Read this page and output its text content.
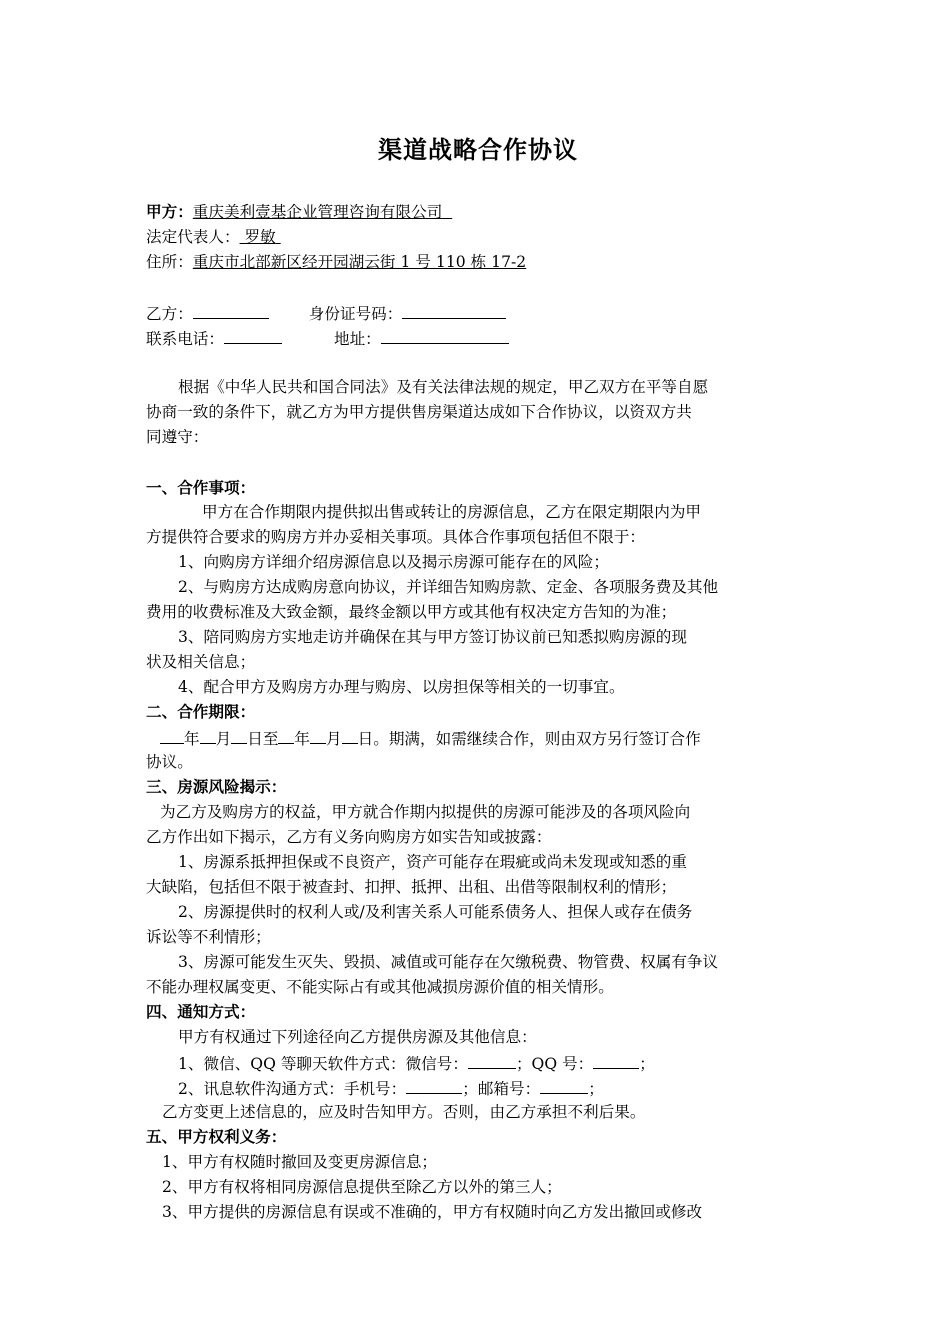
渠道战略合作协议
甲方：重庆美利壹基企业管理咨询有限公司
法定代表人： 罗敏
住所：重庆市北部新区经开园湖云街 1 号 110 栋 17-2
乙方：	身份证号码：
联系电话：	地址：
根据《中华人民共和国合同法》及有关法律法规的规定，甲乙双方在平等自愿
协商一致的条件下，就乙方为甲方提供售房渠道达成如下合作协议，以资双方共
同遵守：
一、合作事项：
甲方在合作期限内提供拟出售或转让的房源信息，乙方在限定期限内为甲
方提供符合要求的购房方并办妥相关事项。具体合作事项包括但不限于：
1、向购房方详细介绍房源信息以及揭示房源可能存在的风险；
2、与购房方达成购房意向协议，并详细告知购房款、定金、各项服务费及其他
费用的收费标准及大致金额，最终金额以甲方或其他有权决定方告知的为准；
3、陪同购房方实地走访并确保在其与甲方签订协议前已知悉拟购房源的现
状及相关信息；
4、配合甲方及购房方办理与购房、以房担保等相关的一切事宜。
二、合作期限：
年 月 日至 年 月 日。期满，如需继续合作，则由双方另行签订合作
协议。
三、房源风险揭示：
为乙方及购房方的权益，甲方就合作期内拟提供的房源可能涉及的各项风险向
乙方作出如下揭示，乙方有义务向购房方如实告知或披露：
1、房源系抵押担保或不良资产，资产可能存在瑕疵或尚未发现或知悉的重
大缺陷，包括但不限于被查封、扣押、抵押、出租、出借等限制权利的情形；
2、房源提供时的权利人或/及利害关系人可能系债务人、担保人或存在债务
诉讼等不利情形；
3、房源可能发生灭失、毁损、减值或可能存在欠缴税费、物管费、权属有争议
不能办理权属变更、不能实际占有或其他减损房源价值的相关情形。
四、通知方式：
甲方有权通过下列途径向乙方提供房源及其他信息：
1、微信、QQ 等聊天软件方式：微信号：	；QQ 号：	；
2、讯息软件沟通方式：手机号：	；邮箱号：	；
乙方变更上述信息的，应及时告知甲方。否则，由乙方承担不利后果。
五、甲方权利义务：
1、甲方有权随时撤回及变更房源信息；
2、甲方有权将相同房源信息提供至除乙方以外的第三人；
3、甲方提供的房源信息有误或不准确的，甲方有权随时向乙方发出撤回或修改
